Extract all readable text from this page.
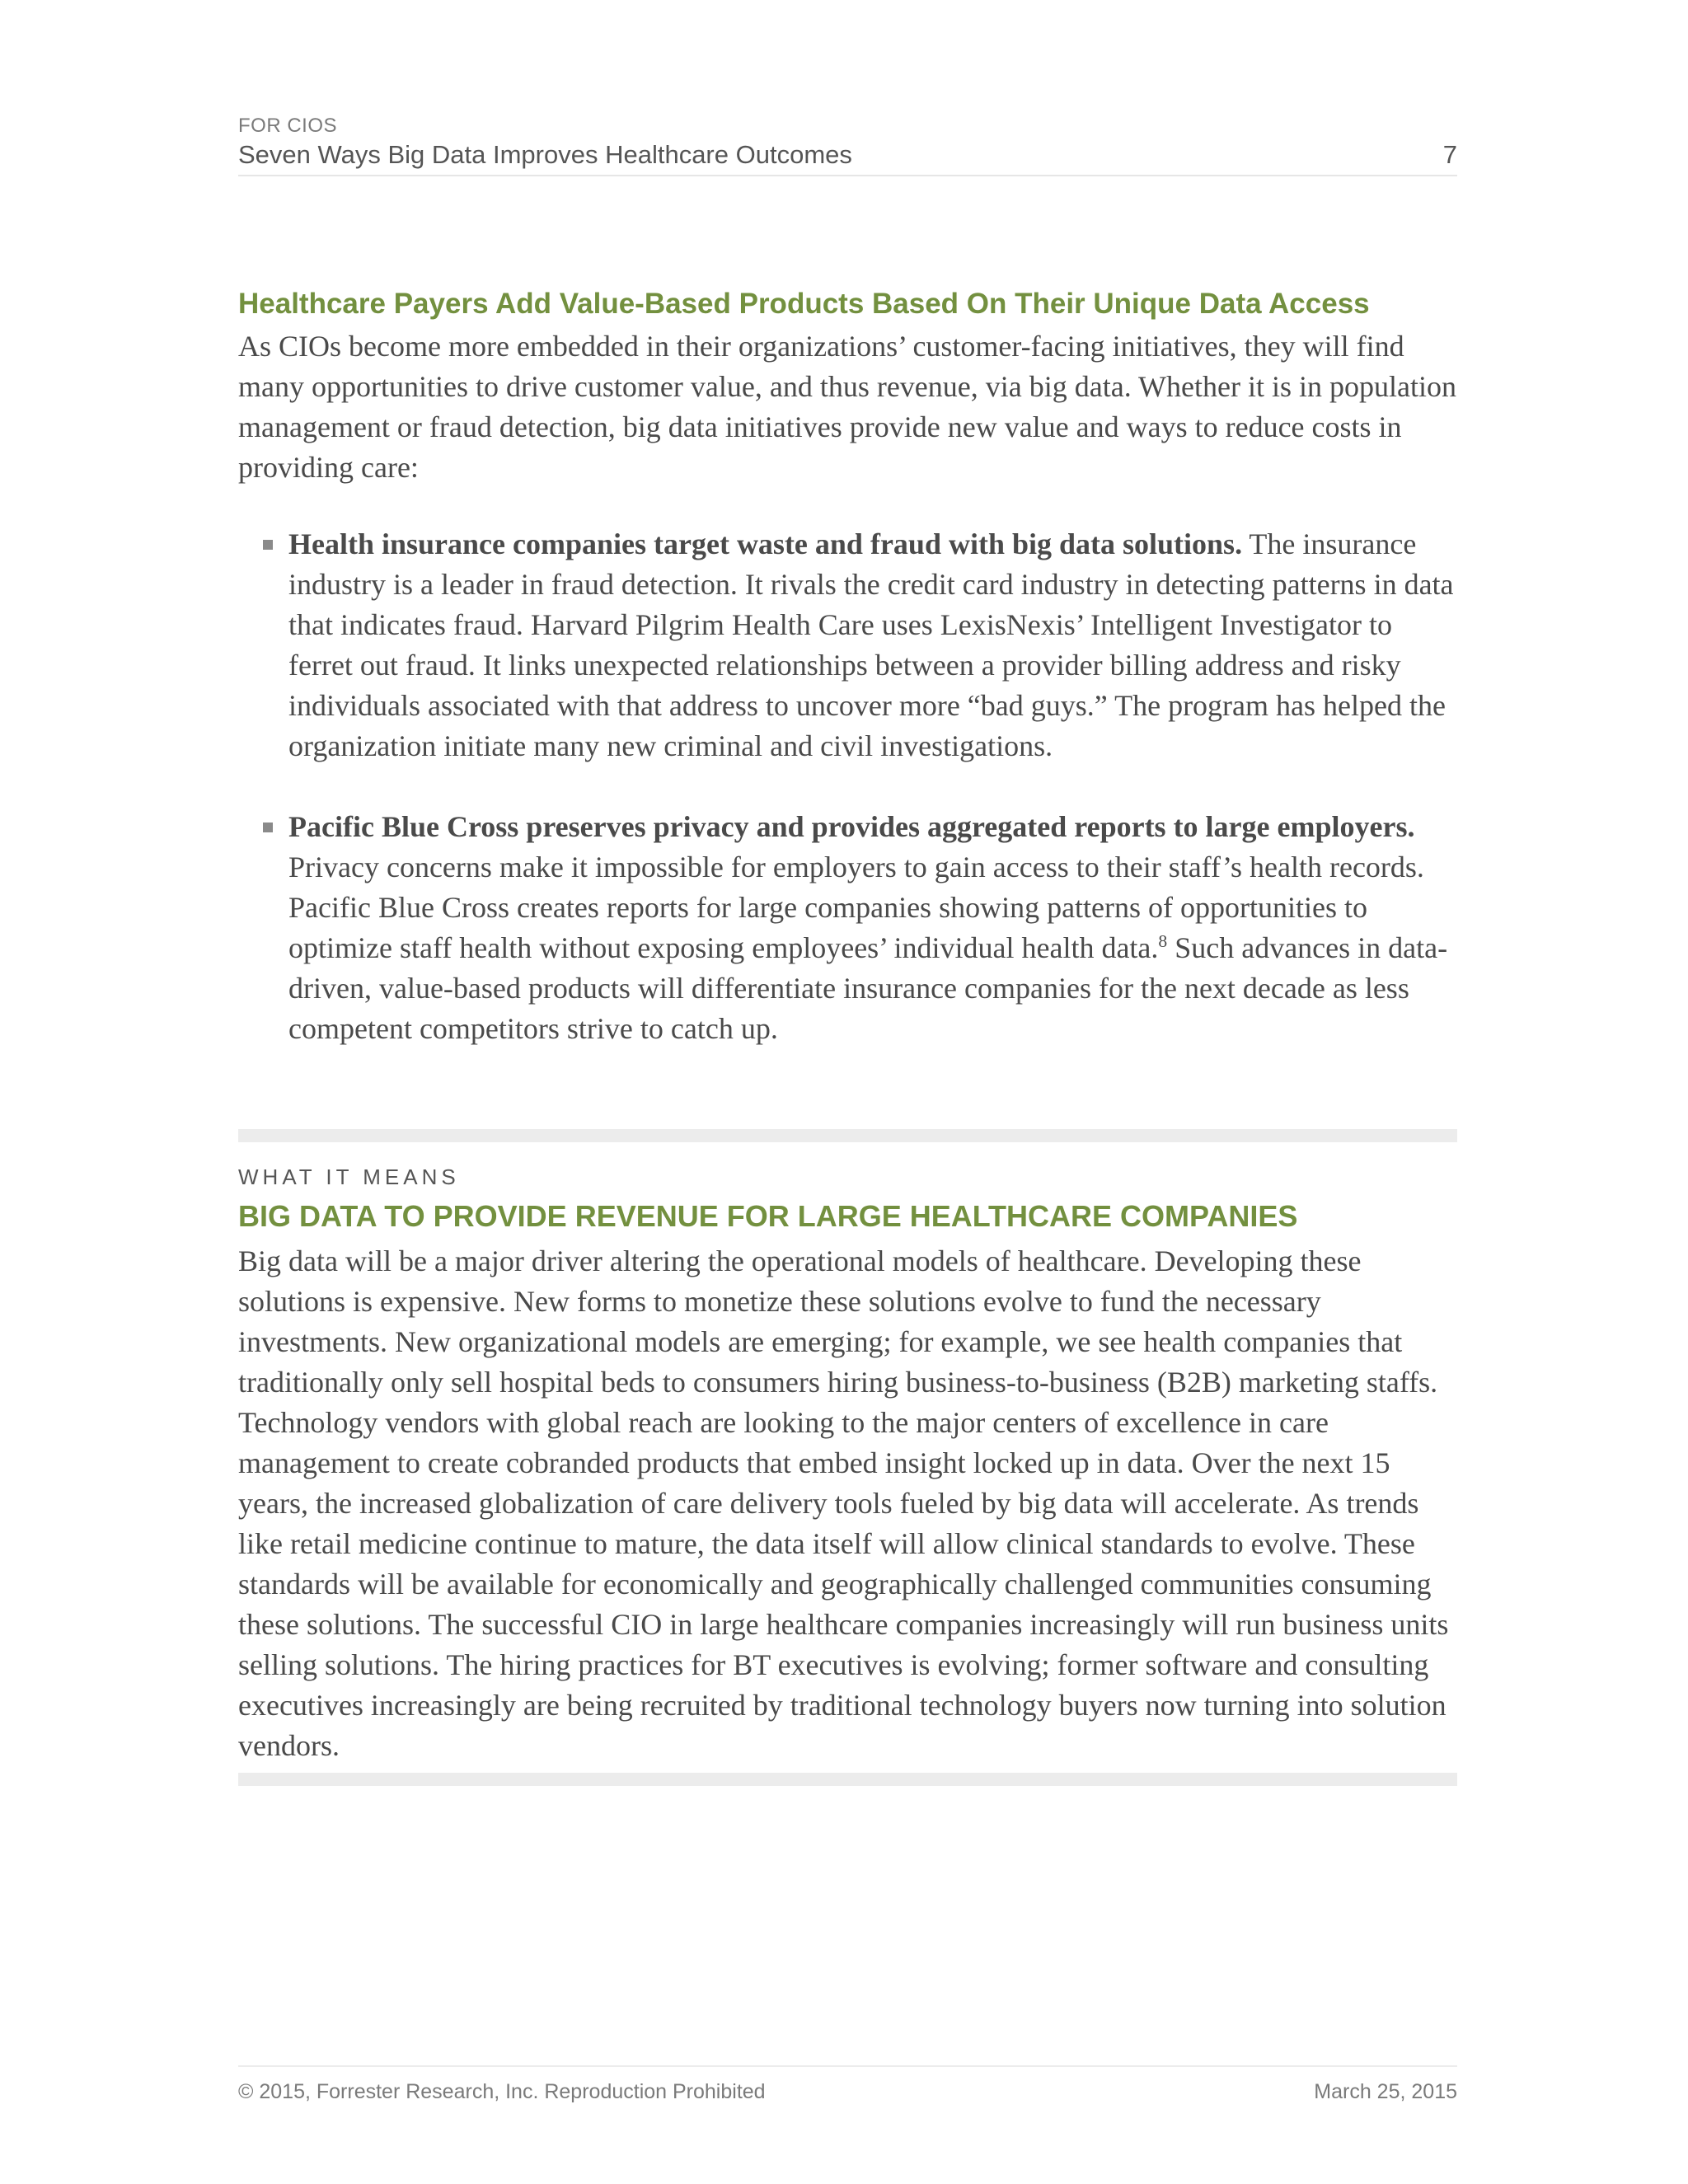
FOR CIOS
Seven Ways Big Data Improves Healthcare Outcomes	7
Healthcare Payers Add Value-Based Products Based On Their Unique Data Access

As CIOs become more embedded in their organizations’ customer-facing initiatives, they will find many opportunities to drive customer value, and thus revenue, via big data. Whether it is in population management or fraud detection, big data initiatives provide new value and ways to reduce costs in providing care:

Health insurance companies target waste and fraud with big data solutions. The insurance industry is a leader in fraud detection. It rivals the credit card industry in detecting patterns in data that indicates fraud. Harvard Pilgrim Health Care uses LexisNexis’ Intelligent Investigator to ferret out fraud. It links unexpected relationships between a provider billing address and risky individuals associated with that address to uncover more “bad guys.” The program has helped the organization initiate many new criminal and civil investigations.
Pacific Blue Cross preserves privacy and provides aggregated reports to large employers. Privacy concerns make it impossible for employers to gain access to their staff’s health records. Pacific Blue Cross creates reports for large companies showing patterns of opportunities to optimize staff health without exposing employees’ individual health data.$^8$ Such advances in data-driven, value-based products will differentiate insurance companies for the next decade as less competent competitors strive to catch up.
WHAT IT MEANS
BIG DATA TO PROVIDE REVENUE FOR LARGE HEALTHCARE COMPANIES

Big data will be a major driver altering the operational models of healthcare. Developing these solutions is expensive. New forms to monetize these solutions evolve to fund the necessary investments. New organizational models are emerging; for example, we see health companies that traditionally only sell hospital beds to consumers hiring business-to-business (B2B) marketing staffs. Technology vendors with global reach are looking to the major centers of excellence in care management to create cobranded products that embed insight locked up in data. Over the next 15 years, the increased globalization of care delivery tools fueled by big data will accelerate. As trends like retail medicine continue to mature, the data itself will allow clinical standards to evolve. These standards will be available for economically and geographically challenged communities consuming these solutions. The successful CIO in large healthcare companies increasingly will run business units selling solutions. The hiring practices for BT executives is evolving; former software and consulting executives increasingly are being recruited by traditional technology buyers now turning into solution vendors.

© 2015, Forrester Research, Inc. Reproduction Prohibited	March 25, 2015
